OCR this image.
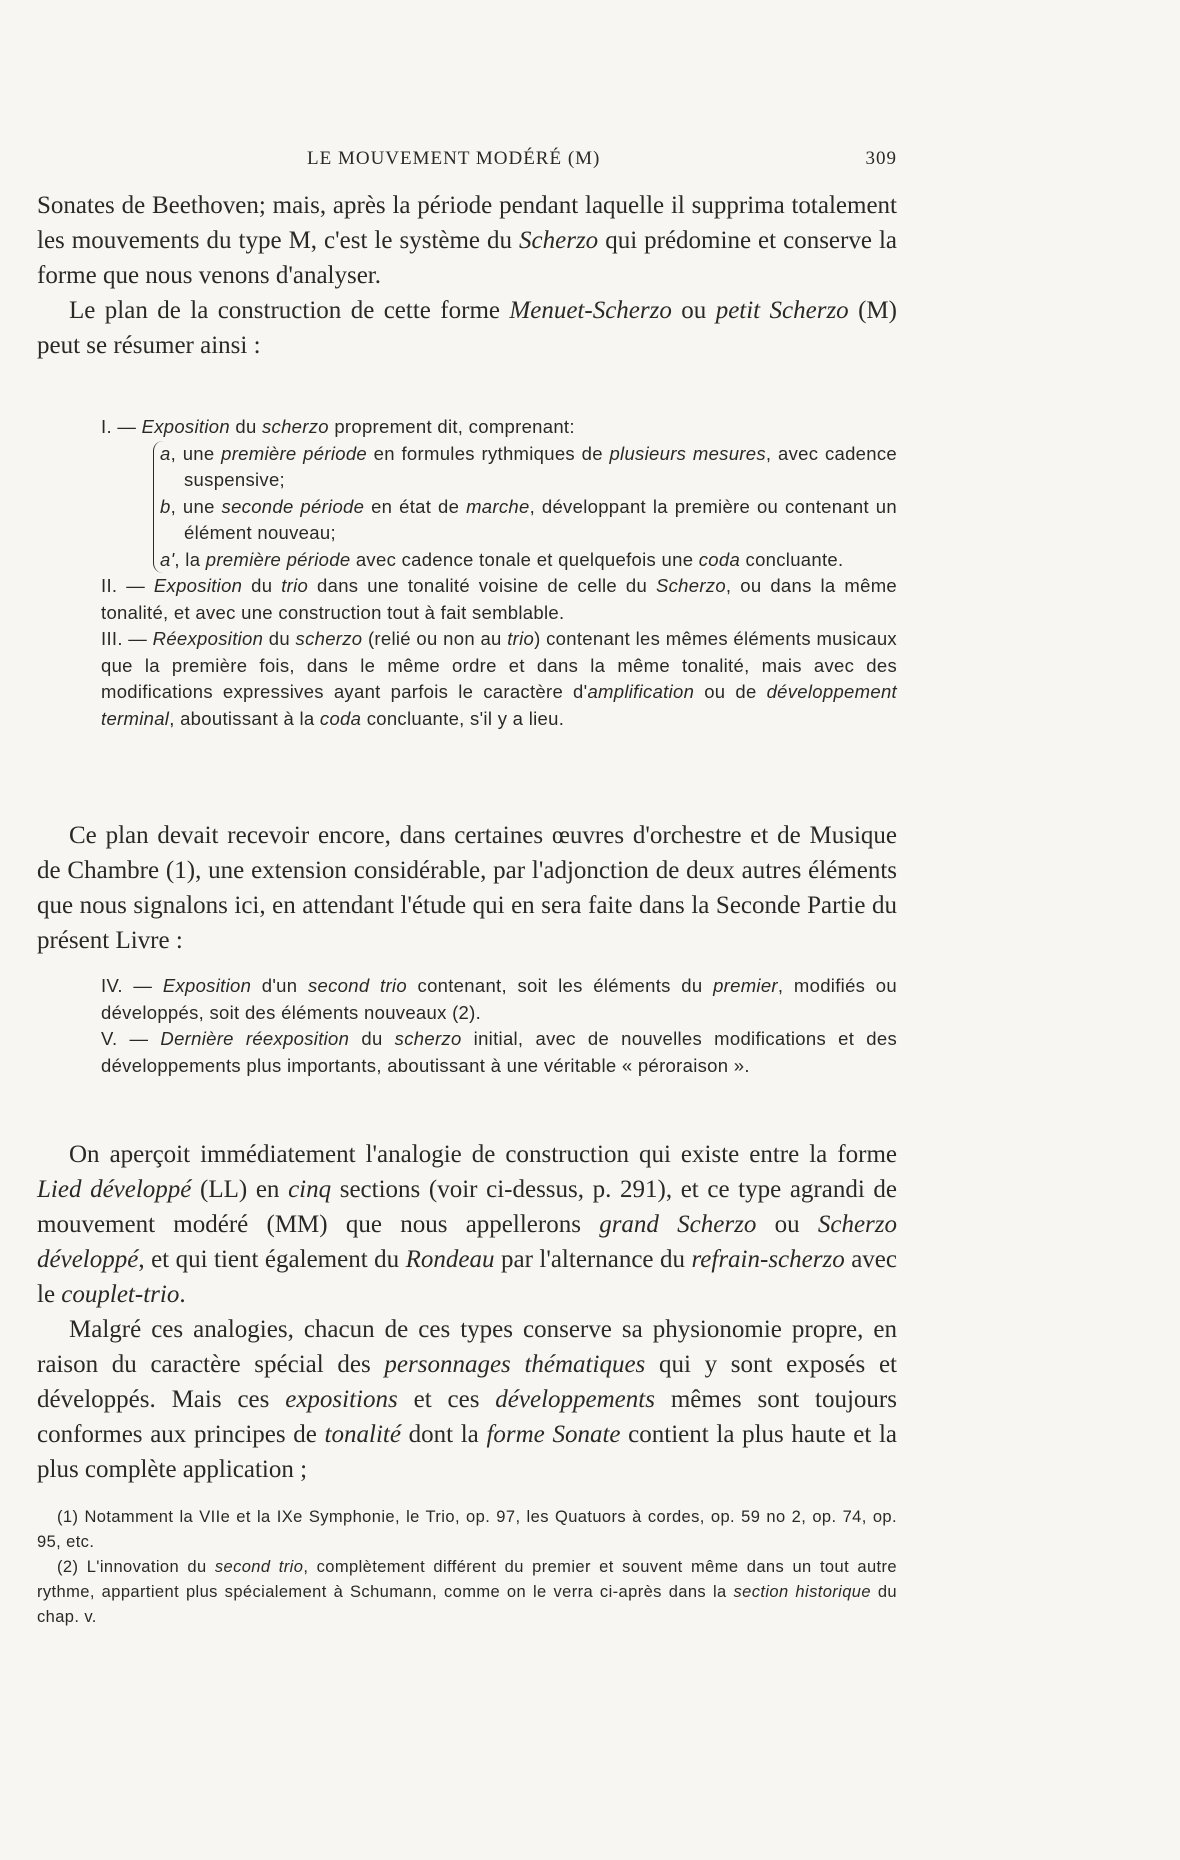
LE MOUVEMENT MODÉRÉ (M)	309

Sonates de Beethoven; mais, après la période pendant laquelle il supprima totalement les mouvements du type M, c'est le système du Scherzo qui prédomine et conserve la forme que nous venons d'analyser.

Le plan de la construction de cette forme Menuet-Scherzo ou petit Scherzo (M) peut se résumer ainsi :

I. — Exposition du scherzo proprement dit, comprenant:

a, une première période en formules rythmiques de plusieurs mesures, avec cadence suspensive;

b, une seconde période en état de marche, développant la première ou contenant un élément nouveau;

a', la première période avec cadence tonale et quelquefois une coda concluante.

II. — Exposition du trio dans une tonalité voisine de celle du Scherzo, ou dans la même tonalité, et avec une construction tout à fait semblable.

III. — Réexposition du scherzo (relié ou non au trio) contenant les mêmes éléments musicaux que la première fois, dans le même ordre et dans la même tonalité, mais avec des modifications expressives ayant parfois le caractère d'amplification ou de développement terminal, aboutissant à la coda concluante, s'il y a lieu.

Ce plan devait recevoir encore, dans certaines œuvres d'orchestre et de Musique de Chambre (1), une extension considérable, par l'adjonction de deux autres éléments que nous signalons ici, en attendant l'étude qui en sera faite dans la Seconde Partie du présent Livre :

IV. — Exposition d'un second trio contenant, soit les éléments du premier, modifiés ou développés, soit des éléments nouveaux (2).

V. — Dernière réexposition du scherzo initial, avec de nouvelles modifications et des développements plus importants, aboutissant à une véritable « péroraison ».

On aperçoit immédiatement l'analogie de construction qui existe entre la forme Lied développé (LL) en cinq sections (voir ci-dessus, p. 291), et ce type agrandi de mouvement modéré (MM) que nous appellerons grand Scherzo ou Scherzo développé, et qui tient également du Rondeau par l'alternance du refrain-scherzo avec le couplet-trio.

Malgré ces analogies, chacun de ces types conserve sa physionomie propre, en raison du caractère spécial des personnages thématiques qui y sont exposés et développés. Mais ces expositions et ces développements mêmes sont toujours conformes aux principes de tonalité dont la forme Sonate contient la plus haute et la plus complète application ;

(1) Notamment la VIIe et la IXe Symphonie, le Trio, op. 97, les Quatuors à cordes, op. 59 no 2, op. 74, op. 95, etc.

(2) L'innovation du second trio, complètement différent du premier et souvent même dans un tout autre rythme, appartient plus spécialement à Schumann, comme on le verra ci-après dans la section historique du chap. v.
